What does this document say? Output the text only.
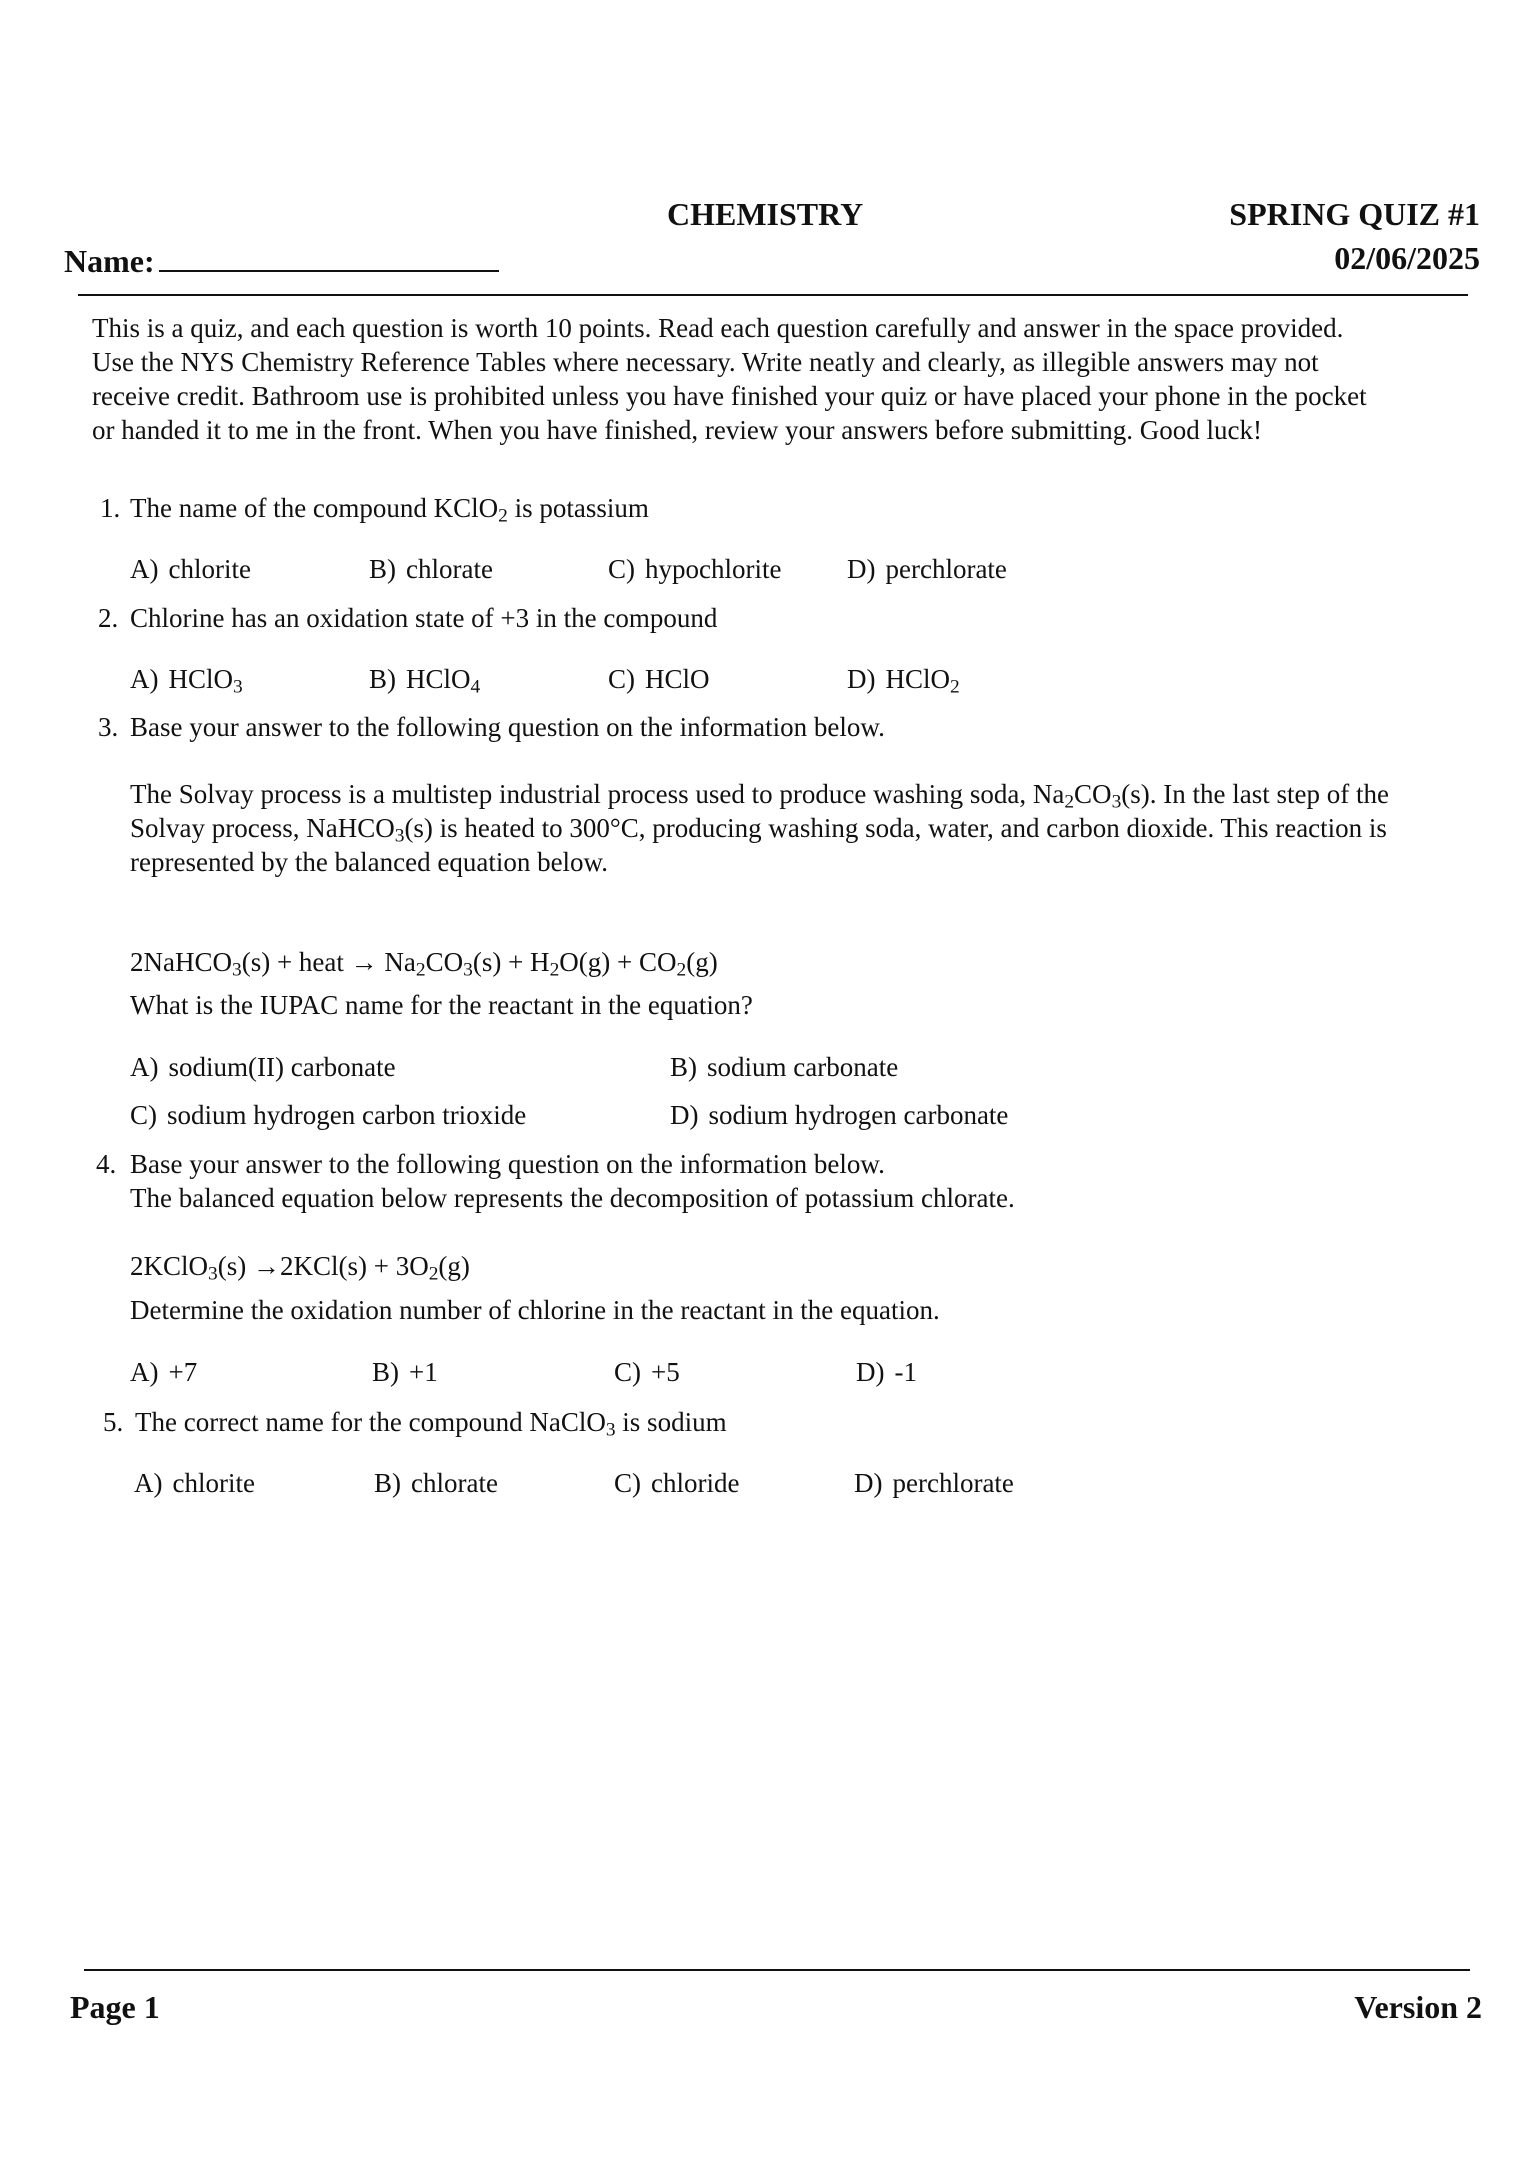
CHEMISTRY	SPRING QUIZ #1
02/06/2025
Name:
This is a quiz, and each question is worth 10 points. Read each question carefully and answer in the space provided. Use the NYS Chemistry Reference Tables where necessary. Write neatly and clearly, as illegible answers may not receive credit. Bathroom use is prohibited unless you have finished your quiz or have placed your phone in the pocket or handed it to me in the front. When you have finished, review your answers before submitting. Good luck!
1. The name of the compound KClO$_2$ is potassium
A) chlorite	B) chlorate	C) hypochlorite D) perchlorate
2. Chlorine has an oxidation state of +3 in the compound
A) HClO$_3$	B) HClO$_4$	C) HClO	D) HClO$_2$
3. Base your answer to the following question on the information below.
The Solvay process is a multistep industrial process used to produce washing soda, $Na_2CO_3(s)$. In the last step of the Solvay process, NaHCO$_3$(s) is heated to 300°C, producing washing soda, water, and carbon dioxide. This reaction is represented by the balanced equation below.
2NaHCO$_3$(s) + heat → $Na_2CO_3(s) + H_2O(g) + CO_2(g)$
What is the IUPAC name for the reactant in the equation?
A) sodium(II) carbonate	B) sodium carbonate
C) sodium hydrogen carbon trioxide	D) sodium hydrogen carbonate
4. Base your answer to the following question on the information below.
The balanced equation below represents the decomposition of potassium chlorate.
2KClO$_3$(s) $\to 2KCl(s) + 3O_2(g)$
Determine the oxidation number of chlorine in the reactant in the equation.
A) +7	B) +1	C) +5	D) -1
5. The correct name for the compound NaClO$_3$ is sodium
A) chlorite	B) chlorate	C) chloride	D) perchlorate
Page 1	Version 2
